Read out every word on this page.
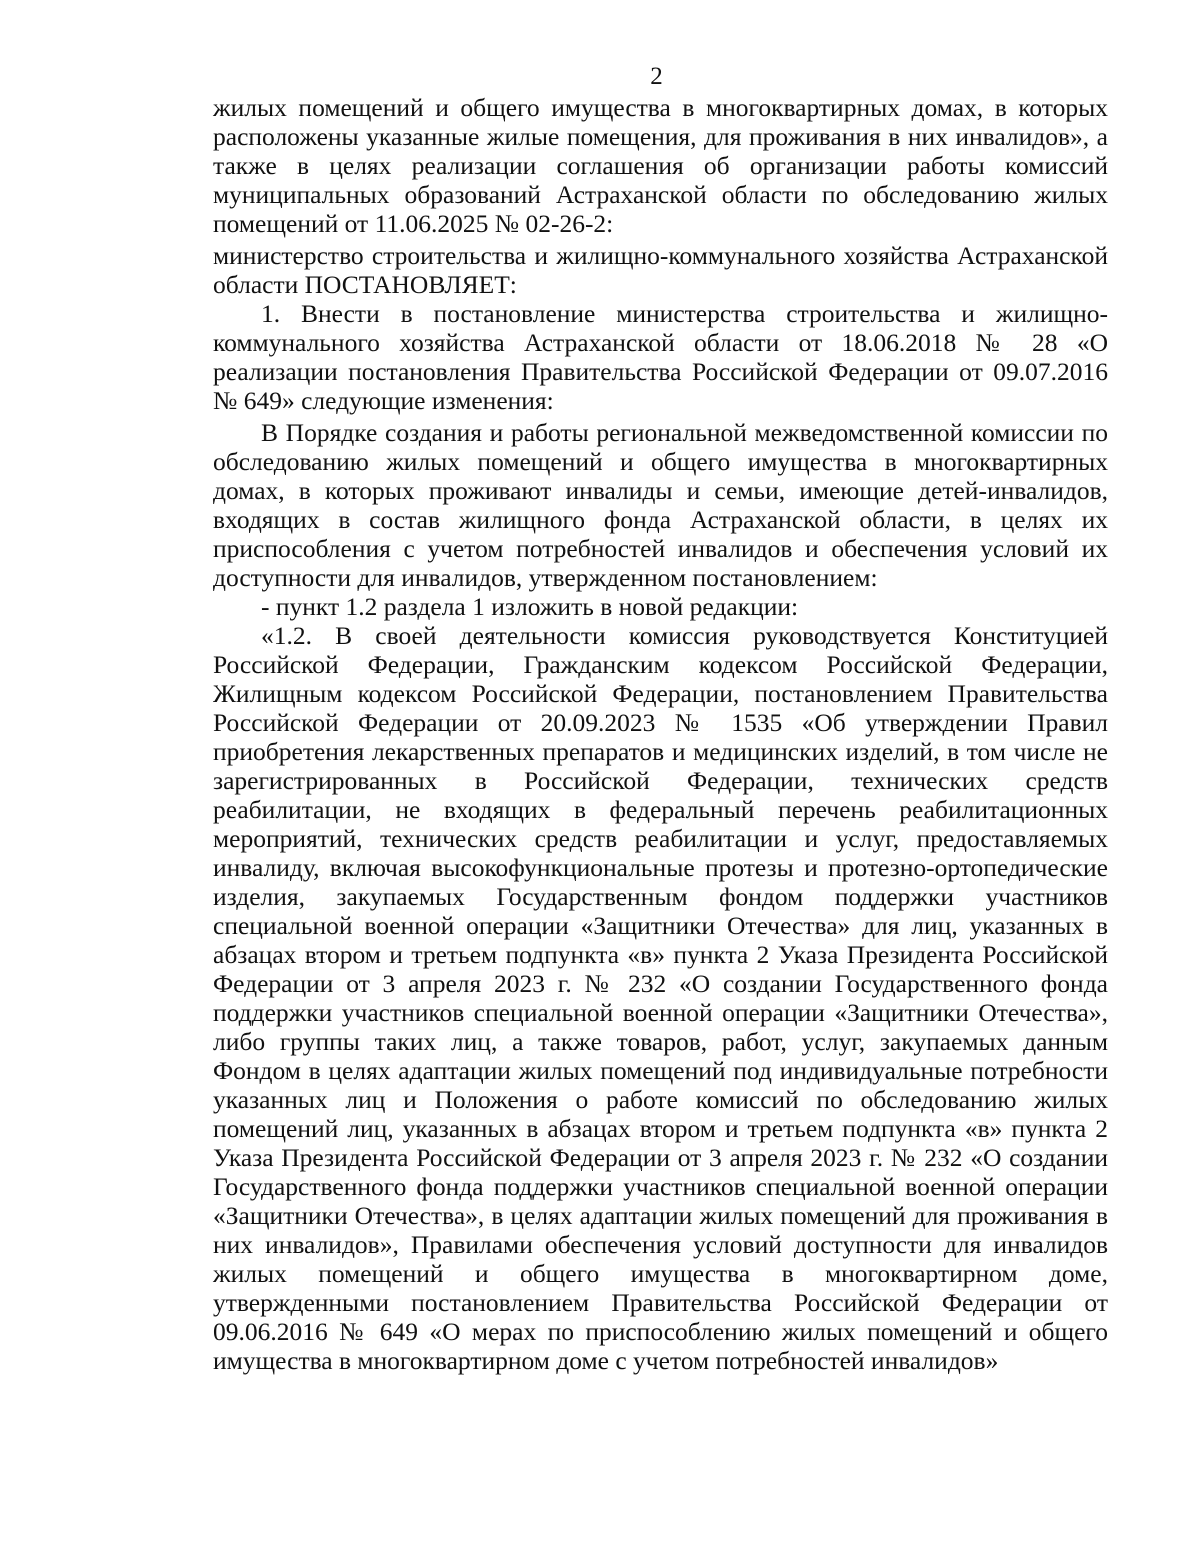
2

жилых помещений и общего имущества в многоквартирных домах, в которых расположены указанные жилые помещения, для проживания в них инвалидов», а также в целях реализации соглашения об организации работы комиссий муниципальных образований Астраханской области по обследованию жилых помещений от 11.06.2025 № 02-26-2:

министерство строительства и жилищно-коммунального хозяйства Астраханской области ПОСТАНОВЛЯЕТ:

1. Внести в постановление министерства строительства и жилищно-коммунального хозяйства Астраханской области от 18.06.2018 № 28 «О реализации постановления Правительства Российской Федерации от 09.07.2016 № 649» следующие изменения:

В Порядке создания и работы региональной межведомственной комиссии по обследованию жилых помещений и общего имущества в многоквартирных домах, в которых проживают инвалиды и семьи, имеющие детей-инвалидов, входящих в состав жилищного фонда Астраханской области, в целях их приспособления с учетом потребностей инвалидов и обеспечения условий их доступности для инвалидов, утвержденном постановлением:

- пункт 1.2 раздела 1 изложить в новой редакции:

«1.2. В своей деятельности комиссия руководствуется Конституцией Российской Федерации, Гражданским кодексом Российской Федерации, Жилищным кодексом Российской Федерации, постановлением Правительства Российской Федерации от 20.09.2023 № 1535 «Об утверждении Правил приобретения лекарственных препаратов и медицинских изделий, в том числе не зарегистрированных в Российской Федерации, технических средств реабилитации, не входящих в федеральный перечень реабилитационных мероприятий, технических средств реабилитации и услуг, предоставляемых инвалиду, включая высокофункциональные протезы и протезно-ортопедические изделия, закупаемых Государственным фондом поддержки участников специальной военной операции «Защитники Отечества» для лиц, указанных в абзацах втором и третьем подпункта «в» пункта 2 Указа Президента Российской Федерации от 3 апреля 2023 г. № 232 «О создании Государственного фонда поддержки участников специальной военной операции «Защитники Отечества», либо группы таких лиц, а также товаров, работ, услуг, закупаемых данным Фондом в целях адаптации жилых помещений под индивидуальные потребности указанных лиц и Положения о работе комиссий по обследованию жилых помещений лиц, указанных в абзацах втором и третьем подпункта «в» пункта 2 Указа Президента Российской Федерации от 3 апреля 2023 г. № 232 «О создании Государственного фонда поддержки участников специальной военной операции «Защитники Отечества», в целях адаптации жилых помещений для проживания в них инвалидов», Правилами обеспечения условий доступности для инвалидов жилых помещений и общего имущества в многоквартирном доме, утвержденными постановлением Правительства Российской Федерации от 09.06.2016 № 649 «О мерах по приспособлению жилых помещений и общего имущества в многоквартирном доме с учетом потребностей инвалидов»
